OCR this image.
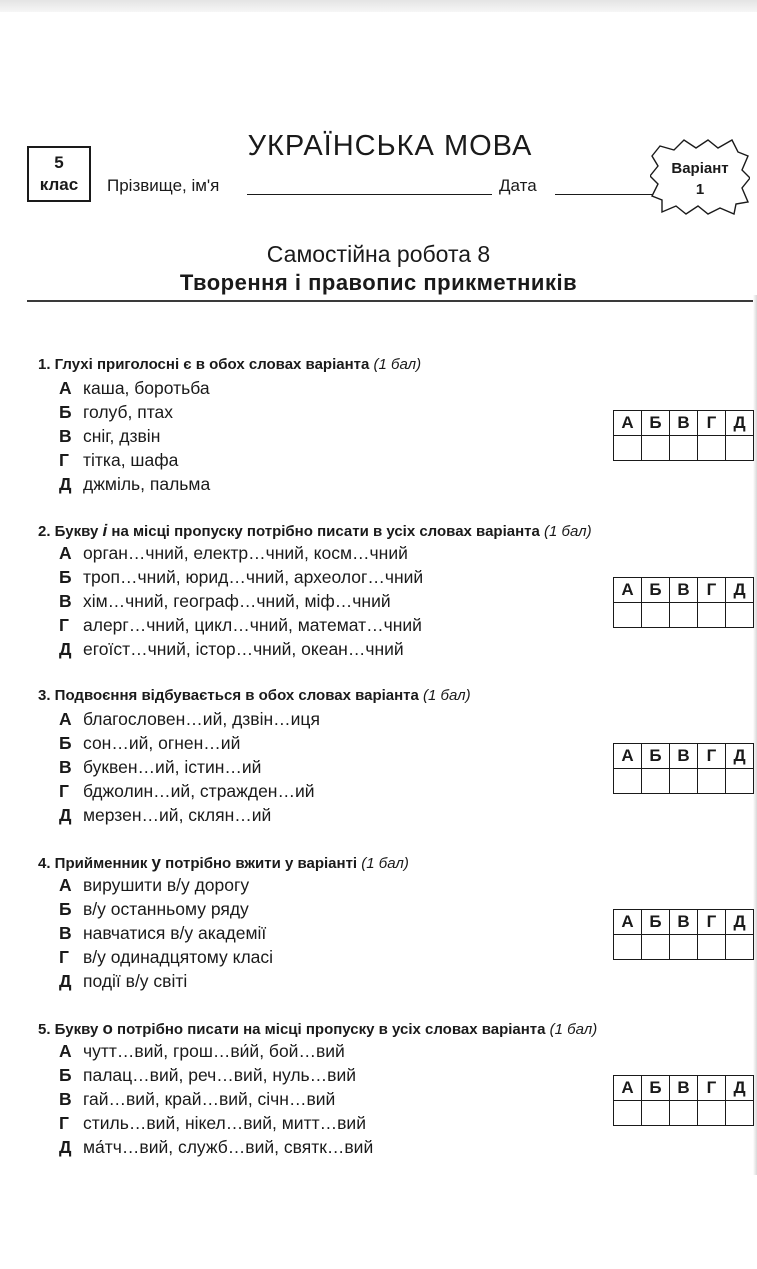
5
клас
УКРАЇНСЬКА МОВА
Прізвище, ім'я	Дата
Варіант
1
Самостійна робота 8
Творення і правопис прикметників
1. Глухі приголосні є в обох словах варіанта (1 бал)
А каша, боротьба
Б голуб, птах
В сніг, дзвін
Г тітка, шафа
Д джміль, пальма
А	Б	В	Г	Д

2. Букву і на місці пропуску потрібно писати в усіх словах варіанта (1 бал)
А орган…чний, електр…чний, косм…чний
Б троп…чний, юрид…чний, археолог…чний
В хім…чний, географ…чний, міф…чний
Г алерг…чний, цикл…чний, математ…чний
Д егоїст…чний, істор…чний, океан…чний
А	Б	В	Г	Д

3. Подвоєння відбувається в обох словах варіанта (1 бал)
А благословен…ий, дзвін…иця
Б сон…ий, огнен…ий
В буквен…ий, істин…ий
Г бджолин…ий, стражден…ий
Д мерзен…ий, склян…ий
А	Б	В	Г	Д

4. Прийменник у потрібно вжити у варіанті (1 бал)
А вирушити в/у дорогу
Б в/у останньому ряду
В навчатися в/у академії
Г в/у одинадцятому класі
Д події в/у світі
А	Б	В	Г	Д

5. Букву о потрібно писати на місці пропуску в усіх словах варіанта (1 бал)
А чутт…вий, грош…ви́й, бой…вий
Б палац…вий, реч…вий, нуль…вий
В гай…вий, край…вий, січн…вий
Г стиль…вий, нікел…вий, митт…вий
Д ма́тч…вий, служб…вий, святк…вий
А	Б	В	Г	Д
